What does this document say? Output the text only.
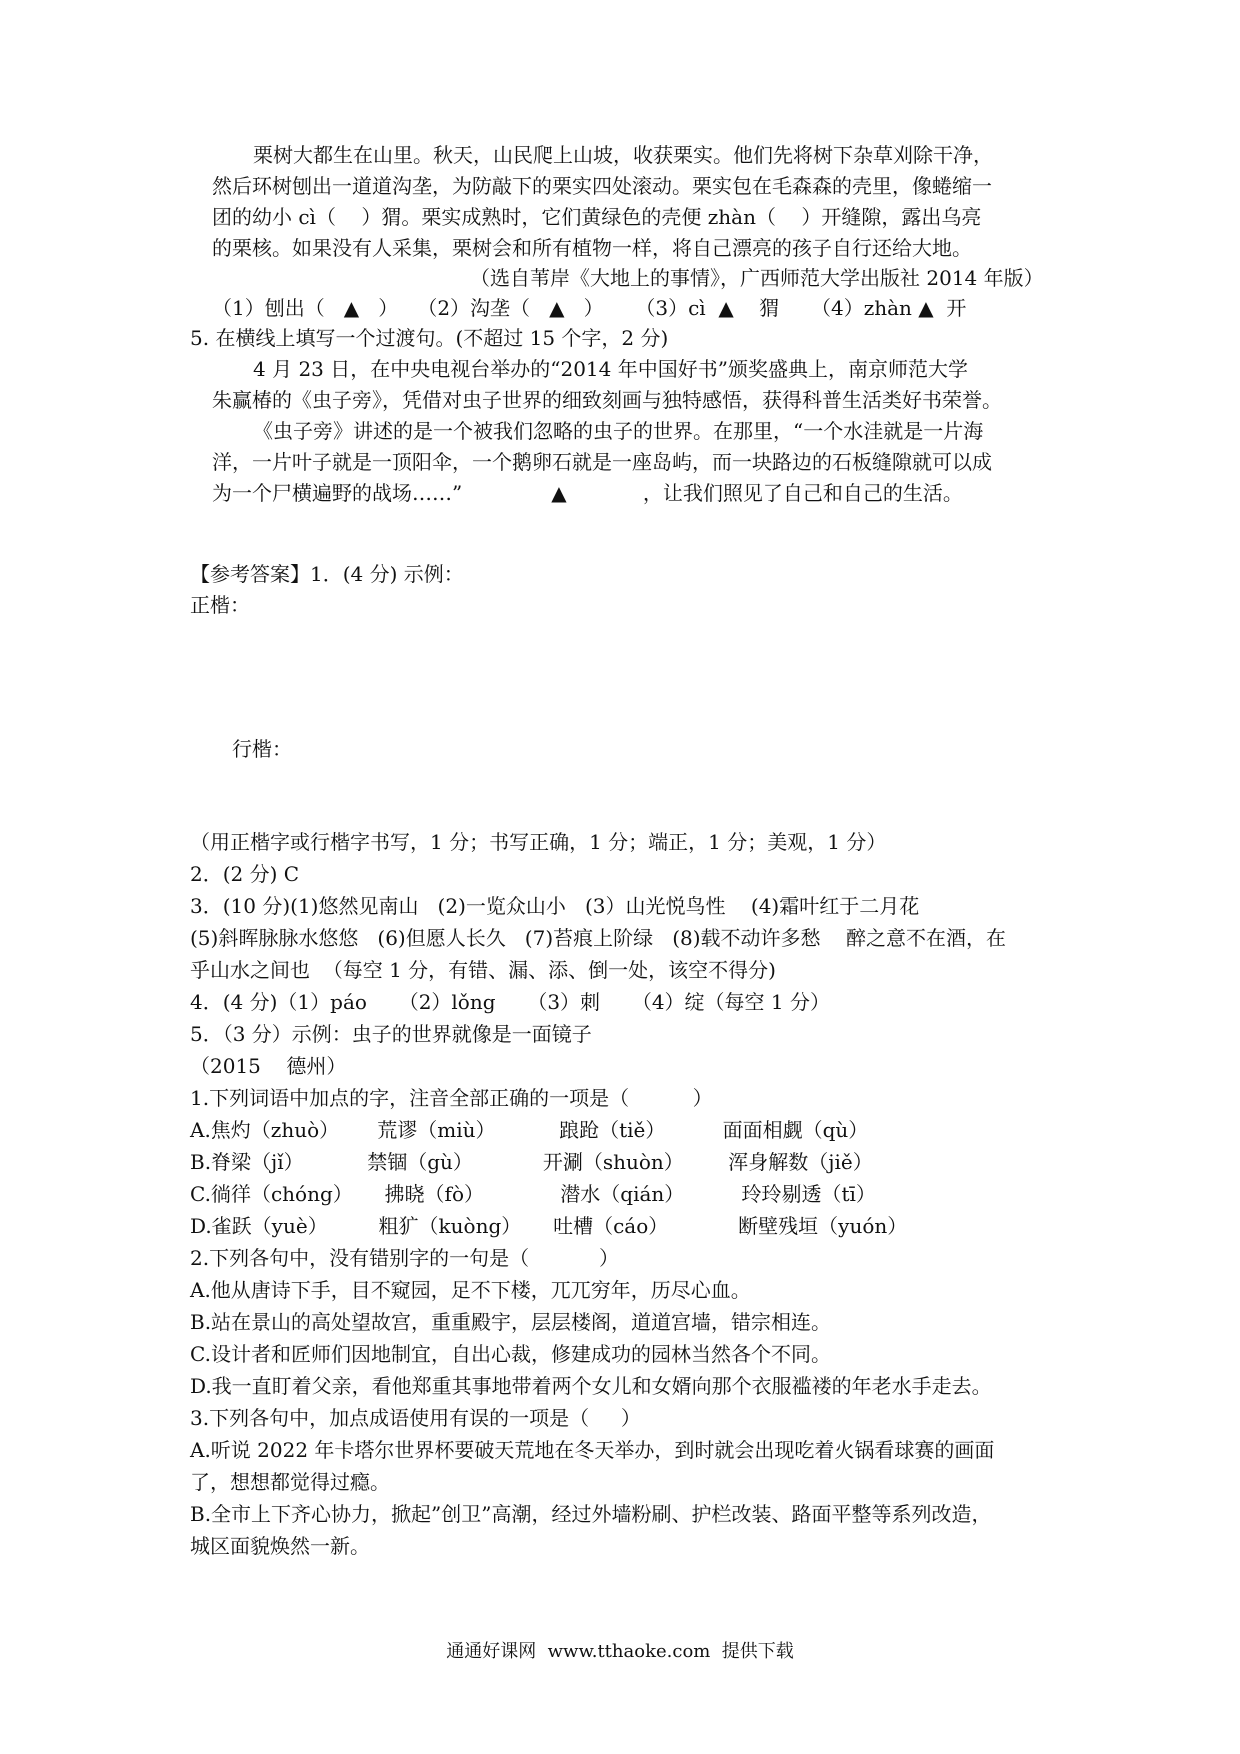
栗树大都生在山里。秋天，山民爬上山坡，收获栗实。他们先将树下杂草刈除干净，
然后环树刨出一道道沟垄，为防敲下的栗实四处滚动。栗实包在毛森森的壳里，像蜷缩一
团的幼小 cì（    ）猬。栗实成熟时，它们黄绿色的壳便 zhàn（    ）开缝隙，露出乌亮
的栗核。如果没有人采集，栗树会和所有植物一样，将自己漂亮的孩子自行还给大地。
（选自苇岸《大地上的事情》，广西师范大学出版社 2014 年版）
（1）刨出（   ▲   ）   （2）沟垄（   ▲   ）     （3）cì  ▲    猬     （4）zhàn ▲  开
5. 在横线上填写一个过渡句。(不超过 15 个字，2 分)
4 月 23 日，在中央电视台举办的“2014 年中国好书”颁奖盛典上，南京师范大学
朱赢椿的《虫子旁》，凭借对虫子世界的细致刻画与独特感悟，获得科普生活类好书荣誉。
《虫子旁》讲述的是一个被我们忽略的虫子的世界。在那里，“一个水洼就是一片海
洋，一片叶子就是一顶阳伞，一个鹅卵石就是一座岛屿，而一块路边的石板缝隙就可以成
为一个尸横遍野的战场……”              ▲            ，让我们照见了自己和自己的生活。
【参考答案】1．(4 分) 示例：
正楷：
行楷：
（用正楷字或行楷字书写，1 分；书写正确，1 分；端正，1 分；美观，1 分）
2．(2 分) C
3．(10 分)(1)悠然见南山   (2)一览众山小   (3）山光悦鸟性    (4)霜叶红于二月花
(5)斜晖脉脉水悠悠   (6)但愿人长久   (7)苔痕上阶绿   (8)载不动许多愁    醉之意不在酒，在
乎山水之间也  （每空 1 分，有错、漏、添、倒一处，该空不得分)
4．(4 分)（1）páo     （2）lǒng     （3）刺     （4）绽（每空 1 分）
5．（3 分）示例：虫子的世界就像是一面镜子
（2015    德州）
1.下列词语中加点的字，注音全部正确的一项是（          ）
A.焦灼（zhuò）      荒谬（miù）          踉跄（tiě）         面面相觑（qù）
B.脊梁（jǐ）          禁锢（gù）           开涮（shuòn）       浑身解数（jiě）
C.徜徉（chóng）     拂晓（fò）            潜水（qián）         玲玲剔透（tī）
D.雀跃（yuè）        粗犷（kuòng）     吐槽（cáo）           断壁残垣（yuón）
2.下列各句中，没有错别字的一句是（           ）
A.他从唐诗下手，目不窥园，足不下楼，兀兀穷年，历尽心血。
B.站在景山的高处望故宫，重重殿宇，层层楼阁，道道宫墙，错宗相连。
C.设计者和匠师们因地制宜，自出心裁，修建成功的园林当然各个不同。
D.我一直盯着父亲，看他郑重其事地带着两个女儿和女婿向那个衣服褴褛的年老水手走去。
3.下列各句中，加点成语使用有误的一项是（     ）
A.听说 2022 年卡塔尔世界杯要破天荒地在冬天举办，到时就会出现吃着火锅看球赛的画面
了，想想都觉得过瘾。
B.全市上下齐心协力，掀起”创卫”高潮，经过外墙粉刷、护栏改装、路面平整等系列改造，
城区面貌焕然一新。
通通好课网  www.tthaoke.com  提供下载
